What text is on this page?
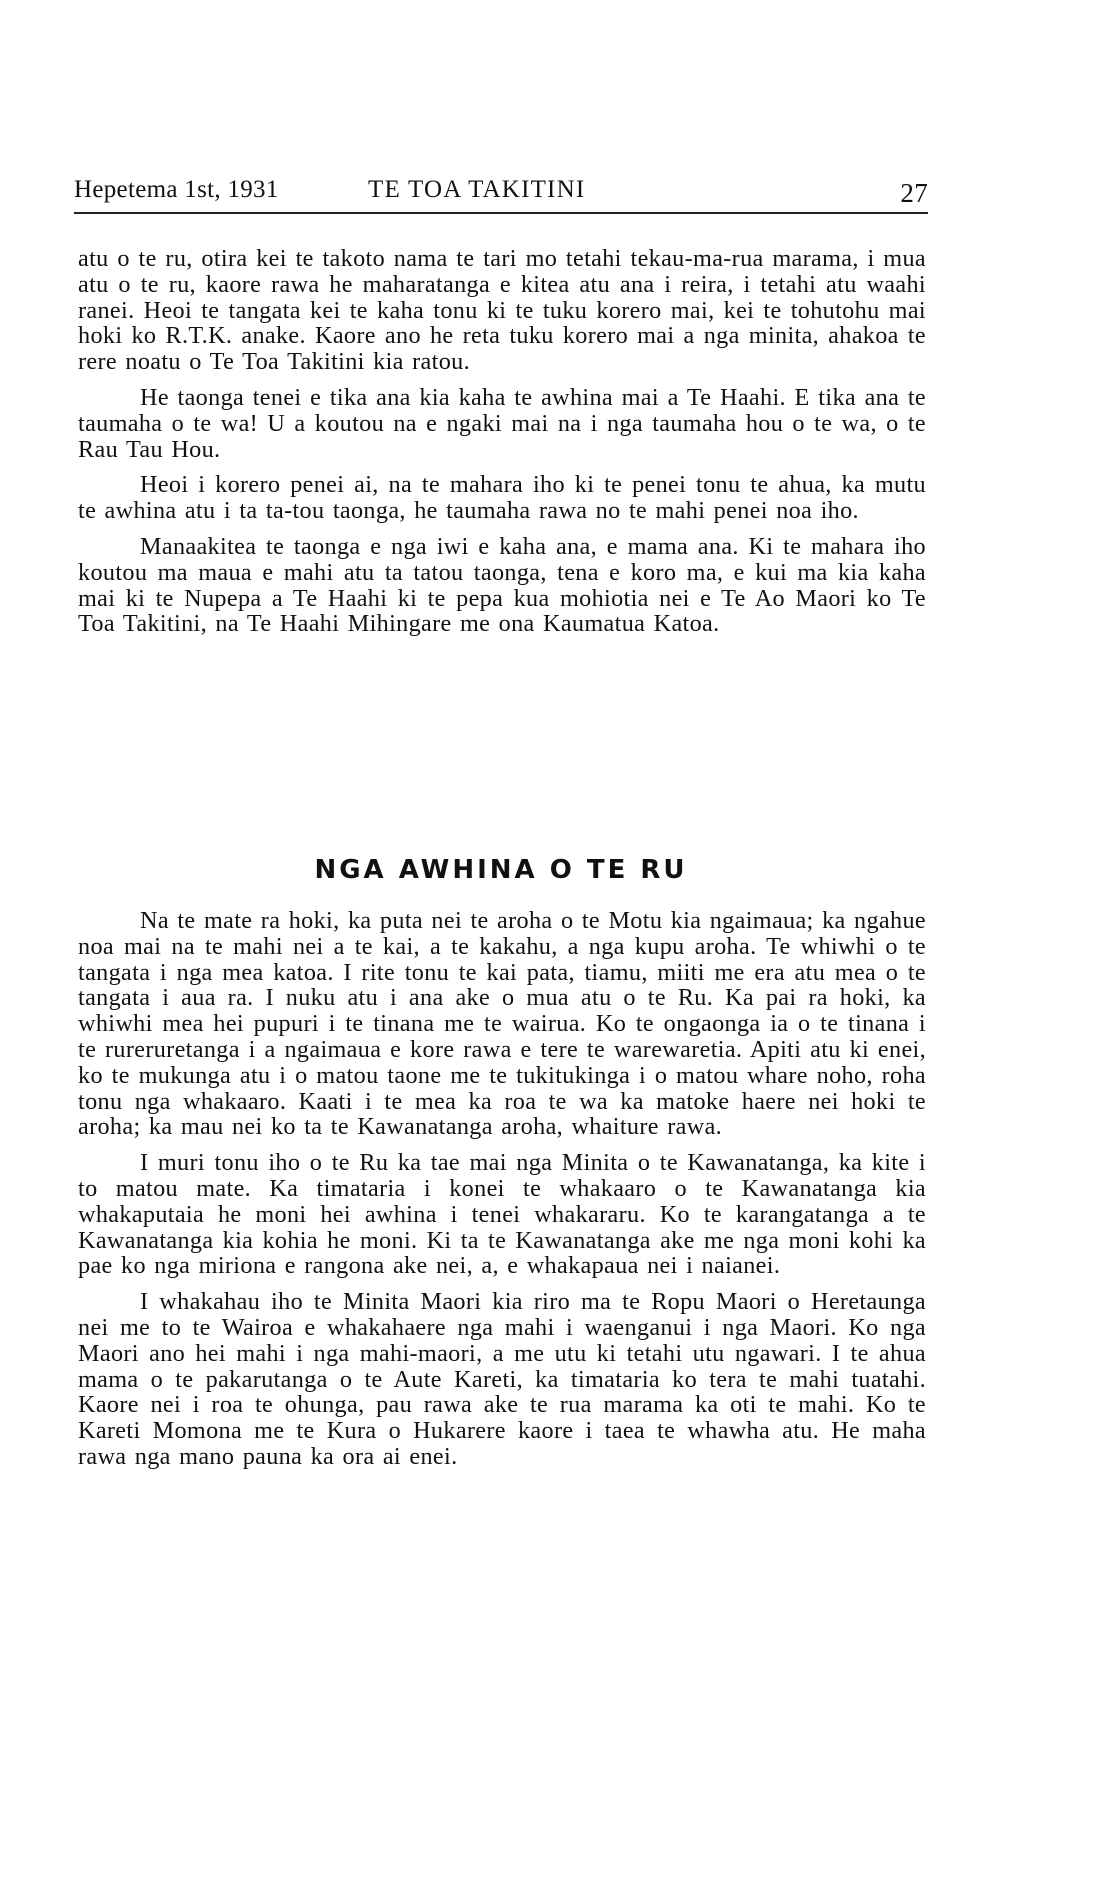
Hepetema 1st, 1931	TE TOA TAKITINI	27

atu o te ru, otira kei te takoto nama te tari mo tetahi tekau-ma-rua marama, i mua atu o te ru, kaore rawa he maharatanga e kitea atu ana i reira, i tetahi atu waahi ranei. Heoi te tangata kei te kaha tonu ki te tuku korero mai, kei te tohutohu mai hoki ko R.T.K. anake. Kaore ano he reta tuku korero mai a nga minita, ahakoa te rere noatu o Te Toa Takitini kia ratou.

He taonga tenei e tika ana kia kaha te awhina mai a Te Haahi. E tika ana te taumaha o te wa! U a koutou na e ngaki mai na i nga taumaha hou o te wa, o te Rau Tau Hou.

Heoi i korero penei ai, na te mahara iho ki te penei tonu te ahua, ka mutu te awhina atu i ta ta-tou taonga, he taumaha rawa no te mahi penei noa iho.

Manaakitea te taonga e nga iwi e kaha ana, e mama ana. Ki te mahara iho koutou ma maua e mahi atu ta tatou taonga, tena e koro ma, e kui ma kia kaha mai ki te Nupepa a Te Haahi ki te pepa kua mohiotia nei e Te Ao Maori ko Te Toa Takitini, na Te Haahi Mihingare me ona Kaumatua Katoa.

NGA AWHINA O TE RU

Na te mate ra hoki, ka puta nei te aroha o te Motu kia ngaimaua; ka ngahue noa mai na te mahi nei a te kai, a te kakahu, a nga kupu aroha. Te whiwhi o te tangata i nga mea katoa. I rite tonu te kai pata, tiamu, miiti me era atu mea o te tangata i aua ra. I nuku atu i ana ake o mua atu o te Ru. Ka pai ra hoki, ka whiwhi mea hei pupuri i te tinana me te wairua. Ko te ongaonga ia o te tinana i te rureruretanga i a ngaimaua e kore rawa e tere te warewaretia. Apiti atu ki enei, ko te mukunga atu i o matou taone me te tukitukinga i o matou whare noho, roha tonu nga whakaaro. Kaati i te mea ka roa te wa ka matoke haere nei hoki te aroha; ka mau nei ko ta te Kawanatanga aroha, whaiture rawa.

I muri tonu iho o te Ru ka tae mai nga Minita o te Kawanatanga, ka kite i to matou mate. Ka timataria i konei te whakaaro o te Kawanatanga kia whakaputaia he moni hei awhina i tenei whakararu. Ko te karangatanga a te Kawanatanga kia kohia he moni. Ki ta te Kawanatanga ake me nga moni kohi ka pae ko nga miriona e rangona ake nei, a, e whakapaua nei i naianei.

I whakahau iho te Minita Maori kia riro ma te Ropu Maori o Heretaunga nei me to te Wairoa e whakahaere nga mahi i waenganui i nga Maori. Ko nga Maori ano hei mahi i nga mahi-maori, a me utu ki tetahi utu ngawari. I te ahua mama o te pakarutanga o te Aute Kareti, ka timataria ko tera te mahi tuatahi. Kaore nei i roa te ohunga, pau rawa ake te rua marama ka oti te mahi. Ko te Kareti Momona me te Kura o Hukarere kaore i taea te whawha atu. He maha rawa nga mano pauna ka ora ai enei.
